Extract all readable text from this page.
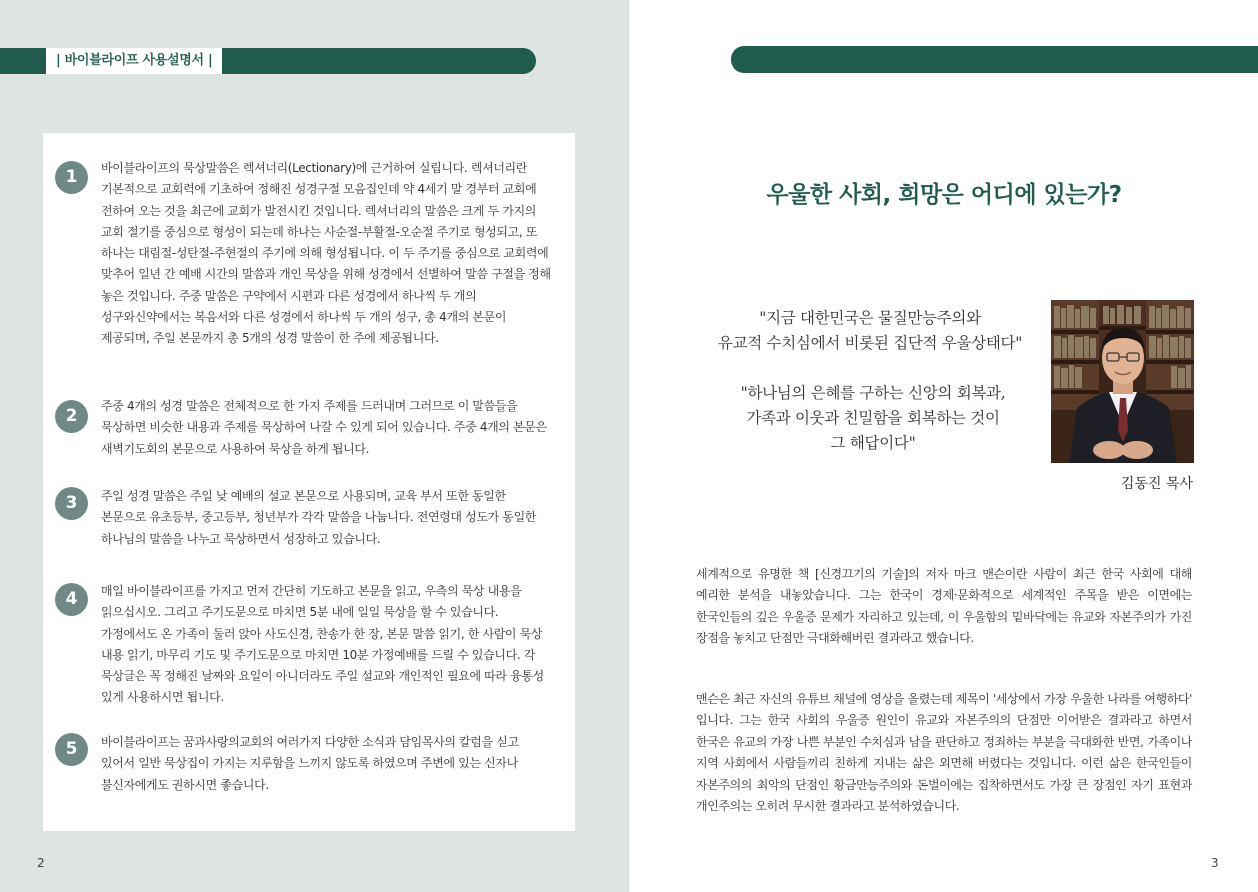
| 바이블라이프 사용설명서 |
1	바이블라이프의 묵상말씀은 렉셔너리(Lectionary)에 근거하여 실립니다. 렉셔너리란 기본적으로 교회력에 기초하여 정해진 성경구절 모음집인데 약 4세기 말 경부터 교회에 전하여 오는 것을 최근에 교회가 발전시킨 것입니다. 렉셔너리의 말씀은 크게 두 가지의 교회 절기를 중심으로 형성이 되는데 하나는 사순절-부활절-오순절 주기로 형성되고, 또 하나는 대림절-성탄절-주현절의 주기에 의해 형성됩니다. 이 두 주기를 중심으로 교회력에 맞추어 일년 간 예배 시간의 말씀과 개인 묵상을 위해 성경에서 선별하여 말씀 구절을 정해 놓은 것입니다. 주중 말씀은 구약에서 시편과 다른 성경에서 하나씩 두 개의 성구와신약에서는 복음서와 다른 성경에서 하나씩 두 개의 성구, 총 4개의 본문이 제공되며, 주일 본문까지 총 5개의 성경 말씀이 한 주에 제공됩니다.
2	주중 4개의 성경 말씀은 전체적으로 한 가지 주제를 드러내며 그러므로 이 말씀들을 묵상하면 비슷한 내용과 주제를 묵상하여 나갈 수 있게 되어 있습니다. 주중 4개의 본문은 새벽기도회의 본문으로 사용하여 묵상을 하게 됩니다.
3	주일 성경 말씀은 주일 낮 예배의 설교 본문으로 사용되며, 교육 부서 또한 동일한 본문으로 유초등부, 중고등부, 청년부가 각각 말씀을 나눕니다. 전연령대 성도가 동일한 하나님의 말씀을 나누고 묵상하면서 성장하고 있습니다.
4	매일 바이블라이프를 가지고 먼저 간단히 기도하고 본문을 읽고, 우측의 묵상 내용을 읽으십시오. 그리고 주기도문으로 마치면 5분 내에 일일 묵상을 할 수 있습니다. 가정에서도 온 가족이 둘러 앉아 사도신경, 찬송가 한 장, 본문 말씀 읽기, 한 사람이 묵상 내용 읽기, 마무리 기도 및 주기도문으로 마치면 10분 가정예배를 드릴 수 있습니다. 각 묵상글은 꼭 정해진 날짜와 요일이 아니더라도 주일 설교와 개인적인 필요에 따라 융통성 있게 사용하시면 됩니다.
5	바이블라이프는 꿈과사랑의교회의 여러가지 다양한 소식과 담임목사의 칼럼을 싣고 있어서 일반 묵상집이 가지는 지루함을 느끼지 않도록 하였으며 주변에 있는 신자나 불신자에게도 권하시면 좋습니다.
2
우울한 사회, 희망은 어디에 있는가?
"지금 대한민국은 물질만능주의와
유교적 수치심에서 비롯된 집단적 우울상태다"
"하나님의 은혜를 구하는 신앙의 회복과,
가족과 이웃과 친밀함을 회복하는 것이
그 해답이다"
김동진 목사
세계적으로 유명한 책 [신경끄기의 기술]의 저자 마크 맨슨이란 사람이 최근 한국 사회에 대해 예리한 분석을 내놓았습니다. 그는 한국이 경제·문화적으로 세계적인 주목을 받은 이면에는 한국인들의 깊은 우울증 문제가 자리하고 있는데, 이 우울함의 밑바닥에는 유교와 자본주의가 가진 장점을 놓치고 단점만 극대화해버린 결과라고 했습니다.
맨슨은 최근 자신의 유튜브 채널에 영상을 올렸는데 제목이 '세상에서 가장 우울한 나라를 여행하다' 입니다. 그는 한국 사회의 우울증 원인이 유교와 자본주의의 단점만 이어받은 결과라고 하면서 한국은 유교의 가장 나쁜 부분인 수치심과 남을 판단하고 정죄하는 부분을 극대화한 반면, 가족이나 지역 사회에서 사람들끼리 친하게 지내는 삶은 외면해 버렸다는 것입니다. 이런 삶은 한국인들이 자본주의의 최악의 단점인 황금만능주의와 돈벌이에는 집착하면서도 가장 큰 장점인 자기 표현과 개인주의는 오히려 무시한 결과라고 분석하였습니다.
3
